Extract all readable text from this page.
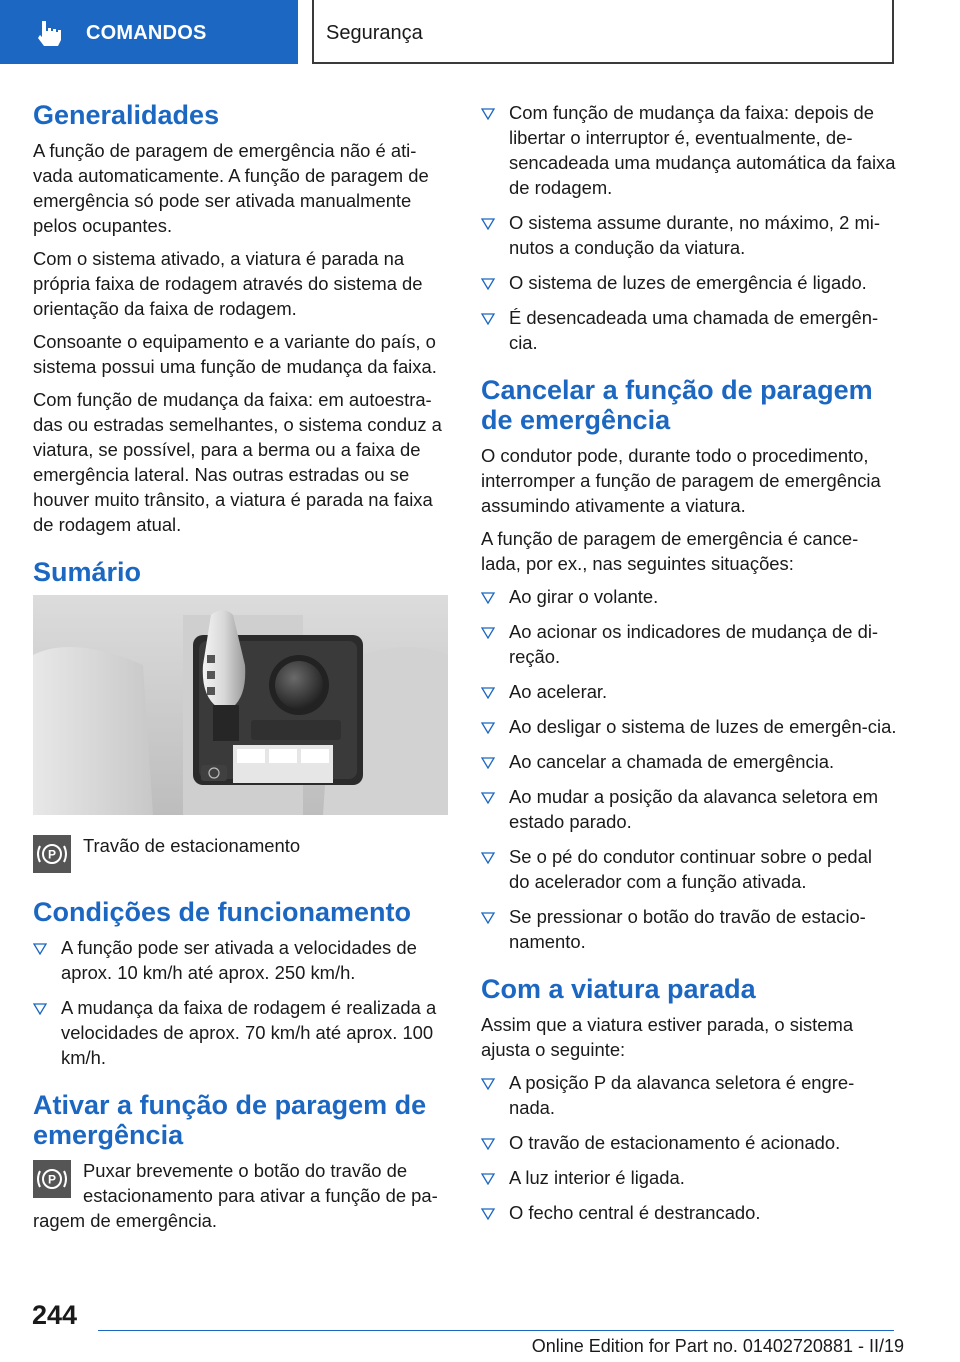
COMANDOS	Segurança
Generalidades

A função de paragem de emergência não é ati-vada automaticamente. A função de paragem de emergência só pode ser ativada manualmente pelos ocupantes.

Com o sistema ativado, a viatura é parada na própria faixa de rodagem através do sistema de orientação da faixa de rodagem.

Consoante o equipamento e a variante do país, o sistema possui uma função de mudança da faixa.

Com função de mudança da faixa: em autoestra-das ou estradas semelhantes, o sistema conduz a viatura, se possível, para a berma ou a faixa de emergência lateral. Nas outras estradas ou se houver muito trânsito, a viatura é parada na faixa de rodagem atual.

Sumário
P	Travão de estacionamento

Condições de funcionamento
A função pode ser ativada a velocidades de aprox. 10 km/h até aprox. 250 km/h.
A mudança da faixa de rodagem é realizada a velocidades de aprox. 70 km/h até aprox. 100 km/h.
Ativar a função de paragem de emergência
P	Puxar brevemente o botão do travão de estacionamento para ativar a função de pa-ragem de emergência.

Com função de mudança da faixa: depois de libertar o interruptor é, eventualmente, de-sencadeada uma mudança automática da faixa de rodagem.
O sistema assume durante, no máximo, 2 mi-nutos a condução da viatura.
O sistema de luzes de emergência é ligado.
É desencadeada uma chamada de emergên-cia.
Cancelar a função de paragem de emergência

O condutor pode, durante todo o procedimento, interromper a função de paragem de emergência assumindo ativamente a viatura.

A função de paragem de emergência é cance-lada, por ex., nas seguintes situações:

Ao girar o volante.
Ao acionar os indicadores de mudança de di-reção.
Ao acelerar.
Ao desligar o sistema de luzes de emergên-cia.
Ao cancelar a chamada de emergência.
Ao mudar a posição da alavanca seletora em estado parado.
Se o pé do condutor continuar sobre o pedal do acelerador com a função ativada.
Se pressionar o botão do travão de estacio-namento.
Com a viatura parada

Assim que a viatura estiver parada, o sistema ajusta o seguinte:

A posição P da alavanca seletora é engre-nada.
O travão de estacionamento é acionado.
A luz interior é ligada.
O fecho central é destrancado.
244
Online Edition for Part no. 01402720881 - II/19
